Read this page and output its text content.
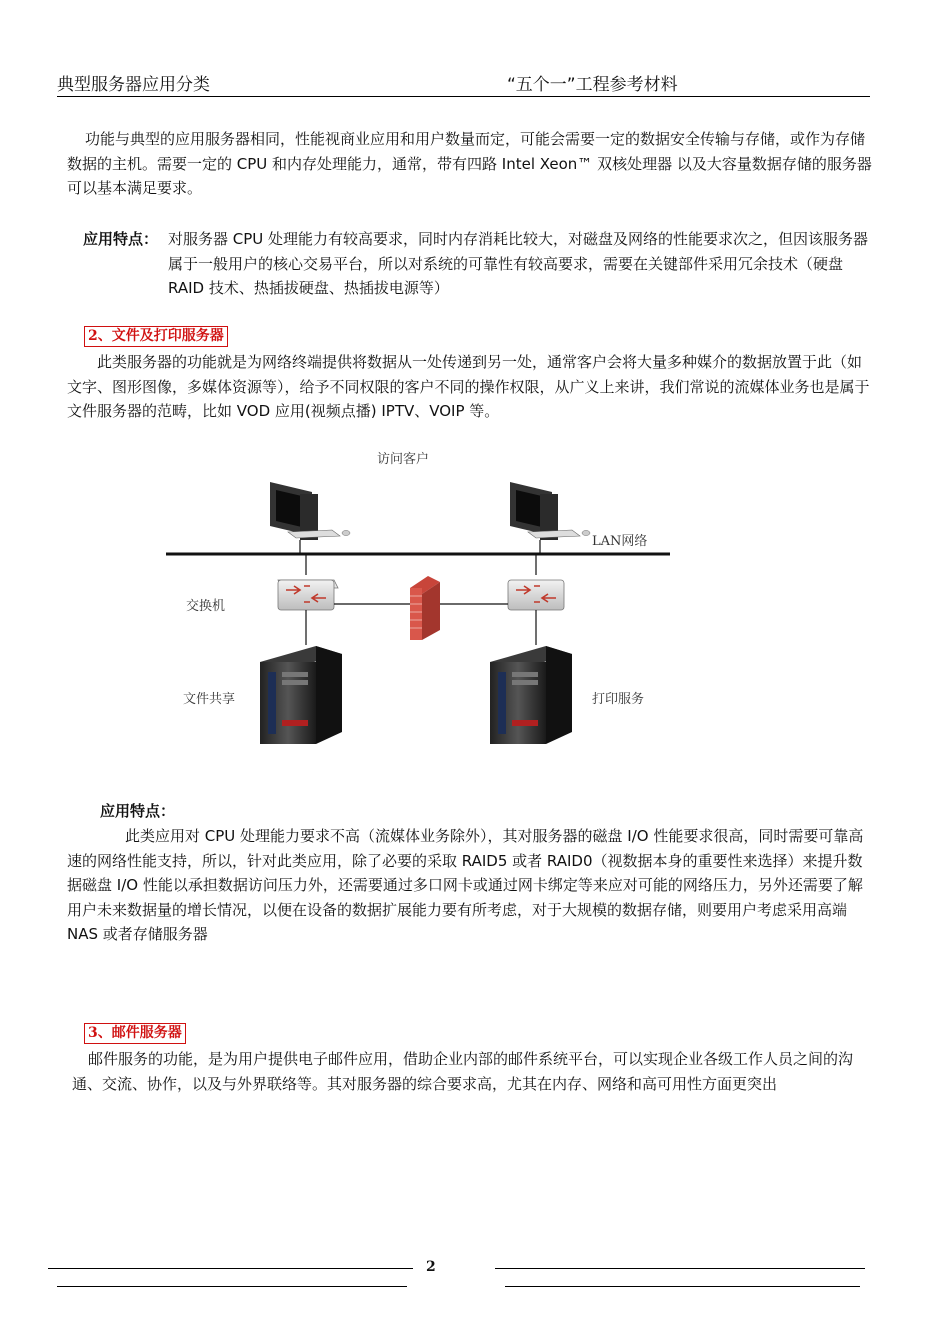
典型服务器应用分类	“五个一”工程参考材料

功能与典型的应用服务器相同，性能视商业应用和用户数量而定，可能会需要一定的数据安全传输与存储，或作为存储数据的主机。需要一定的 CPU 和内存处理能力，通常，带有四路 Intel Xeon™ 双核处理器 以及大容量数据存储的服务器可以基本满足要求。

应用特点： 对服务器 CPU 处理能力有较高要求，同时内存消耗比较大，对磁盘及网络的性能要求次之，但因该服务器属于一般用户的核心交易平台，所以对系统的可靠性有较高要求，需要在关键部件采用冗余技术（硬盘 RAID 技术、热插拔硬盘、热插拔电源等）

2、文件及打印服务器

此类服务器的功能就是为网络终端提供将数据从一处传递到另一处，通常客户会将大量多种媒介的数据放置于此（如文字、图形图像，多媒体资源等），给予不同权限的客户不同的操作权限，从广义上来讲，我们常说的流媒体业务也是属于文件服务器的范畴，比如 VOD 应用(视频点播) IPTV、VOIP 等。

访问客户
LAN网络
交换机
文件共享	打印服务
应用特点：

此类应用对 CPU 处理能力要求不高（流媒体业务除外），其对服务器的磁盘 I/O 性能要求很高，同时需要可靠高速的网络性能支持，所以，针对此类应用，除了必要的采取 RAID5 或者 RAID0（视数据本身的重要性来选择）来提升数据磁盘 I/O 性能以承担数据访问压力外，还需要通过多口网卡或通过网卡绑定等来应对可能的网络压力，另外还需要了解用户未来数据量的增长情况，以便在设备的数据扩展能力要有所考虑，对于大规模的数据存储，则要用户考虑采用高端 NAS 或者存储服务器

3、邮件服务器

邮件服务的功能，是为用户提供电子邮件应用，借助企业内部的邮件系统平台，可以实现企业各级工作人员之间的沟通、交流、协作，以及与外界联络等。其对服务器的综合要求高，尤其在内存、网络和高可用性方面更突出

2
